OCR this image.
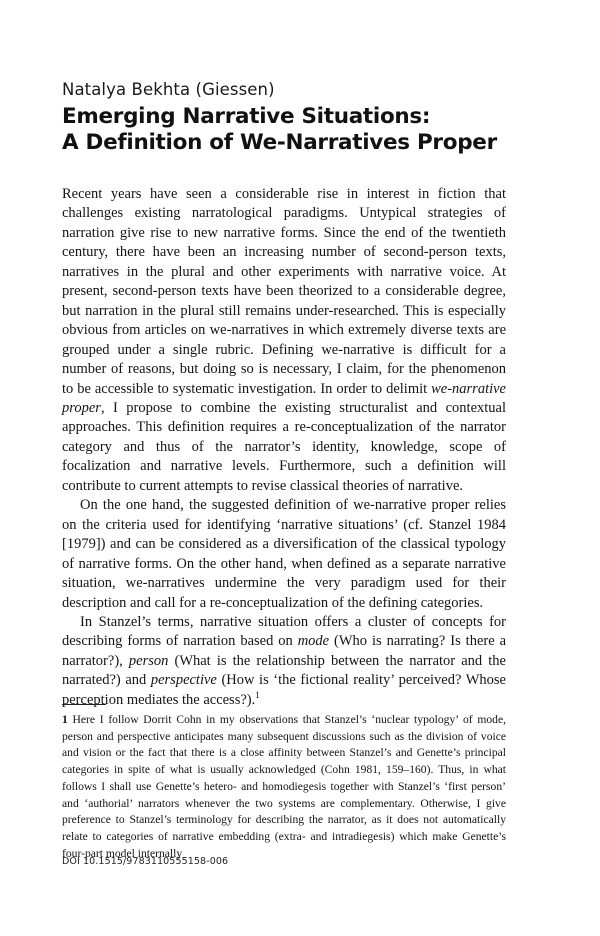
Natalya Bekhta (Giessen)
Emerging Narrative Situations:
A Definition of We-Narratives Proper

Recent years have seen a considerable rise in interest in fiction that challenges existing narratological paradigms. Untypical strategies of narration give rise to new narrative forms. Since the end of the twentieth century, there have been an increasing number of second-person texts, narratives in the plural and other experiments with narrative voice. At present, second-person texts have been theorized to a considerable degree, but narration in the plural still remains under-researched. This is especially obvious from articles on we-narratives in which extremely diverse texts are grouped under a single rubric. Defining we-narrative is difficult for a number of reasons, but doing so is necessary, I claim, for the phenomenon to be accessible to systematic investigation. In order to delimit we-narrative proper, I propose to combine the existing structuralist and contextual approaches. This definition requires a re-conceptualization of the narrator category and thus of the narrator’s identity, knowledge, scope of focalization and narrative levels. Furthermore, such a definition will contribute to current attempts to revise classical theories of narrative.

On the one hand, the suggested definition of we-narrative proper relies on the criteria used for identifying ‘narrative situations’ (cf. Stanzel 1984 [1979]) and can be considered as a diversification of the classical typology of narrative forms. On the other hand, when defined as a separate narrative situation, we-narratives undermine the very paradigm used for their description and call for a re-conceptualization of the defining categories.

In Stanzel’s terms, narrative situation offers a cluster of concepts for describing forms of narration based on mode (Who is narrating? Is there a narrator?), person (What is the relationship between the narrator and the narrated?) and perspective (How is ‘the fictional reality’ perceived? Whose perception mediates the access?).$^1$

1 Here I follow Dorrit Cohn in my observations that Stanzel’s ‘nuclear typology’ of mode, person and perspective anticipates many subsequent discussions such as the division of voice and vision or the fact that there is a close affinity between Stanzel’s and Genette’s principal categories in spite of what is usually acknowledged (Cohn 1981, 159–160). Thus, in what follows I shall use Genette’s hetero- and homodiegesis together with Stanzel’s ‘first person’ and ‘authorial’ narrators whenever the two systems are complementary. Otherwise, I give preference to Stanzel’s terminology for describing the narrator, as it does not automatically relate to categories of narrative embedding (extra- and intradiegesis) which make Genette’s four-part model internally

DOI 10.1515/9783110555158-006
